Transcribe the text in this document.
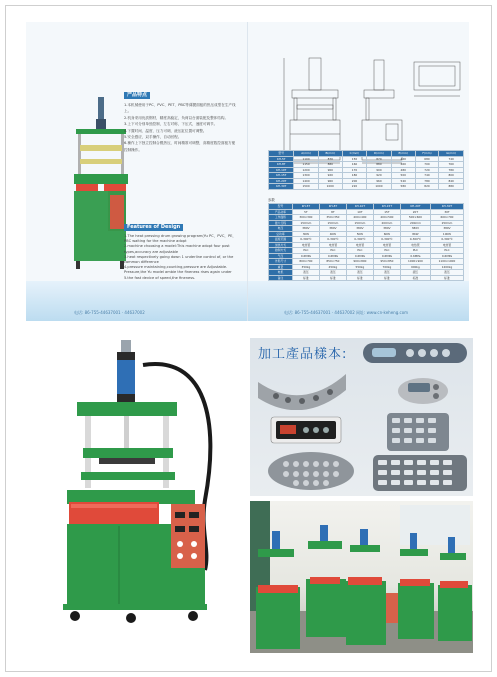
产品特点

1.本机械使用于PC、PVC、PET、PBC等薄膜面板的热压成型在生产线上。

2.机身采用优质钢材，精度高稳定，负荷以台面装配及整体结构。

3.上下可分别单独控制，左右对称，下压式，速度可调节。

4.下置时间、温度、压力可调，液压缸位置可调整。

5.安全感应，双手操作，自动回程。

6.操作上下独立控制合模热压，时间精准可调整，高精度数控面板方便控制操作。

Features of Design

1.The heat pressing drum growing program(Yu PC，PVC，PE，PBC waiting for the machine adopt

2.machine choosing a model:This machine adopt four post types,accuracy are adjustable

3.heat respectively going down 1 underline control of, or the common difference

4.pressure maintaining,counting,pressure are Adjustable. Pressure,the Yu model ambie the fineness rises again under

5.the fast device of speed,the fineness.

型号	A(mm)	B(mm)	C(mm)	D(mm)	E(mm)	F(mm)	G(mm)
KH-5T	1100	870	150	870	420	680	740
KH-8T	1150	880	160	880	460	700	760
KH-10T	1200	900	170	900	480	720	780
KH-15T	1300	920	180	920	500	740	800
KH-20T	1400	960	200	960	540	780	840
KH-30T	1500	1000	220	1000	580	820	880
参数
型号	KH-5T	KH-8T	KH-10T	KH-15T	KH-20T	KH-30T
产品功率	5T	8T	10T	15T	20T	30T
工作面积	300×300	350×350	400×400	400×500	500×600	600×700
最大行程	150mm	150mm	150mm	200mm	200mm	250mm
电压	380V	380V	380V	380V	380V	380V
总功率	3KW	4KW	5KW	6KW	8KW	10KW
温度范围	0-300℃	0-300℃	0-300℃	0-300℃	0-300℃	0-300℃
加热方式	电热管	电热管	电热管	电热管	电热管	电热管
控制方式	PLC	PLC	PLC	PLC	PLC	PLC
气压	0.6MPa	0.6MPa	0.6MPa	0.6MPa	0.6MPa	0.6MPa
外形尺寸	800×700	850×750	900×800	950×850	1000×900	1100×1000
重量	350kg	450kg	550kg	700kg	900kg	1200kg
电机	液压	液压	液压	液压	液压	液压
备注	标准	标准	标准	标准	标准	标准
电话: 86-755-44637001 · 44637002	电话: 86-755-44637001 · 44637002 网址: www.cn-keheng.com
加工產品樣本:
